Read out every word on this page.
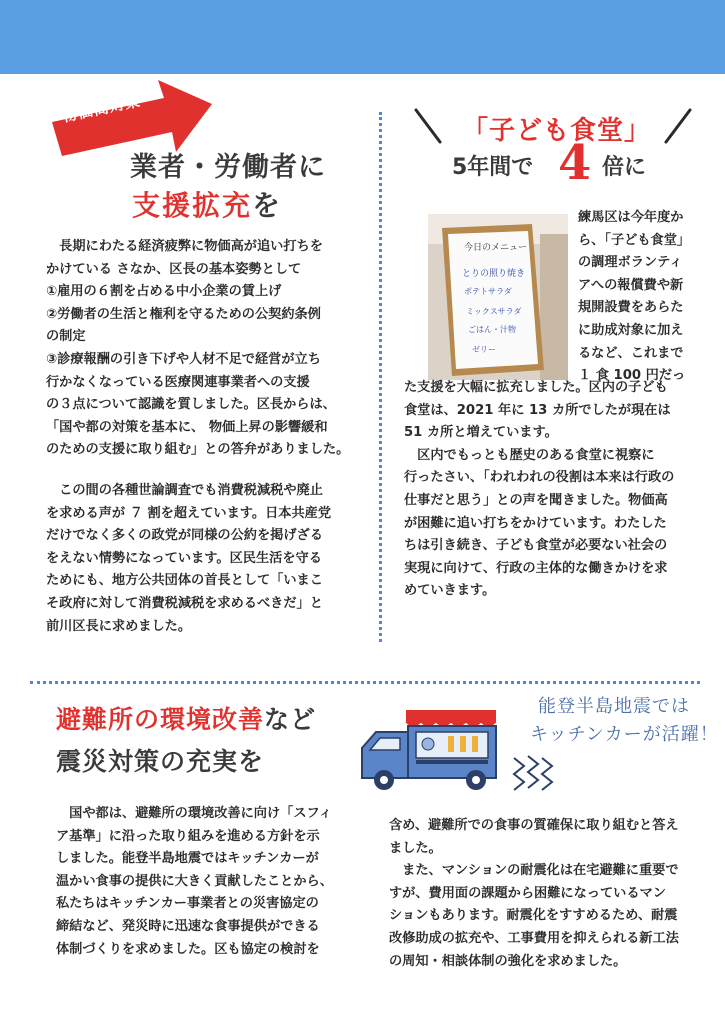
物価高対策
業者・労働者に
支援拡充を
　長期にわたる経済疲弊に物価高が追い打ちを
かけている さなか、区長の基本姿勢として
①雇用の６割を占める中小企業の賃上げ
②労働者の生活と権利を守るための公契約条例
の制定
③診療報酬の引き下げや人材不足で経営が立ち
行かなくなっている医療関連事業者への支援
の３点について認識を質しました。区長からは、
「国や都の対策を基本に、 物価上昇の影響緩和
のための支援に取り組む」との答弁がありました。
　この間の各種世論調査でも消費税減税や廃止
を求める声が ７ 割を超えています。日本共産党
だけでなく多くの政党が同様の公約を掲げざる
をえない情勢になっています。区民生活を守る
ためにも、地方公共団体の首長として「いまこ
そ政府に対して消費税減税を求めるべきだ」と
前川区長に求めました。
「子ども食堂」
5年間で 4 倍に
今日のメニュー
とりの照り焼き
ポテトサラダ
ミックスサラダ
ごはん・汁物
ゼリー
練馬区は今年度か
ら、「子ども食堂」
の調理ボランティ
アへの報償費や新
規開設費をあらた
に助成対象に加え
るなど、これまで
１ 食 100 円だっ
た支援を大幅に拡充しました。区内の子ども
食堂は、2021 年に 13 カ所でしたが現在は
51 カ所と増えています。
　区内でもっとも歴史のある食堂に視察に
行ったさい、「われわれの役割は本来は行政の
仕事だと思う」との声を聞きました。物価高
が困難に追い打ちをかけています。わたした
ちは引き続き、子ども食堂が必要ない社会の
実現に向けて、行政の主体的な働きかけを求
めていきます。
避難所の環境改善など
震災対策の充実を
能登半島地震では
キッチンカーが活躍！
　国や都は、避難所の環境改善に向け「スフィ
ア基準」に沿った取り組みを進める方針を示
しました。能登半島地震ではキッチンカーが
温かい食事の提供に大きく貢献したことから、
私たちはキッチンカー事業者との災害協定の
締結など、発災時に迅速な食事提供ができる
体制づくりを求めました。区も協定の検討を
含め、避難所での食事の質確保に取り組むと答え
ました。
　また、マンションの耐震化は在宅避難に重要で
すが、費用面の課題から困難になっているマン
ションもあります。耐震化をすすめるため、耐震
改修助成の拡充や、工事費用を抑えられる新工法
の周知・相談体制の強化を求めました。
